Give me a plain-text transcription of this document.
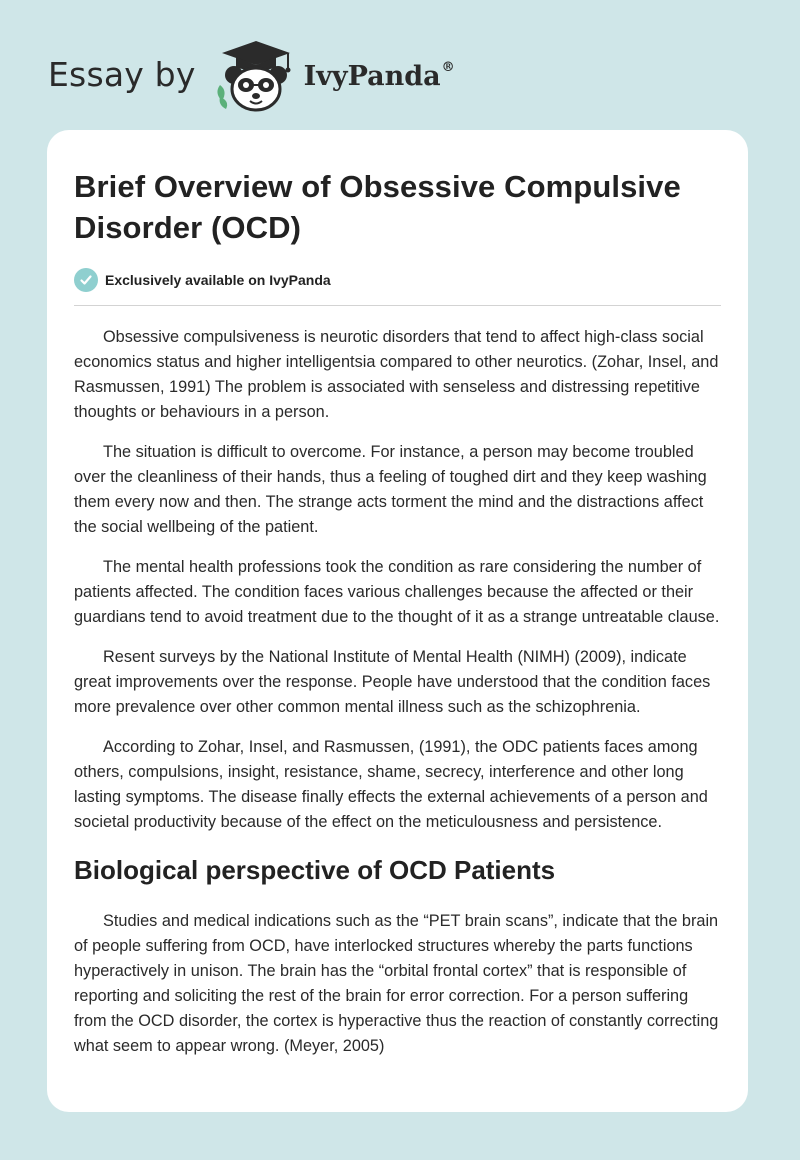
Essay by	IvyPanda®
Brief Overview of Obsessive Compulsive Disorder (OCD)
Exclusively available on IvyPanda

Obsessive compulsiveness is neurotic disorders that tend to affect high-class social economics status and higher intelligentsia compared to other neurotics. (Zohar, Insel, and Rasmussen, 1991) The problem is associated with senseless and distressing repetitive thoughts or behaviours in a person.

The situation is difficult to overcome. For instance, a person may become troubled over the cleanliness of their hands, thus a feeling of toughed dirt and they keep washing them every now and then. The strange acts torment the mind and the distractions affect the social wellbeing of the patient.

The mental health professions took the condition as rare considering the number of patients affected. The condition faces various challenges because the affected or their guardians tend to avoid treatment due to the thought of it as a strange untreatable clause.

Resent surveys by the National Institute of Mental Health (NIMH) (2009), indicate great improvements over the response. People have understood that the condition faces more prevalence over other common mental illness such as the schizophrenia.

According to Zohar, Insel, and Rasmussen, (1991), the ODC patients faces among others, compulsions, insight, resistance, shame, secrecy, interference and other long lasting symptoms. The disease finally effects the external achievements of a person and societal productivity because of the effect on the meticulousness and persistence.

Biological perspective of OCD Patients

Studies and medical indications such as the “PET brain scans”, indicate that the brain of people suffering from OCD, have interlocked structures whereby the parts functions hyperactively in unison. The brain has the “orbital frontal cortex” that is responsible of reporting and soliciting the rest of the brain for error correction. For a person suffering from the OCD disorder, the cortex is hyperactive thus the reaction of constantly correcting what seem to appear wrong. (Meyer, 2005)
